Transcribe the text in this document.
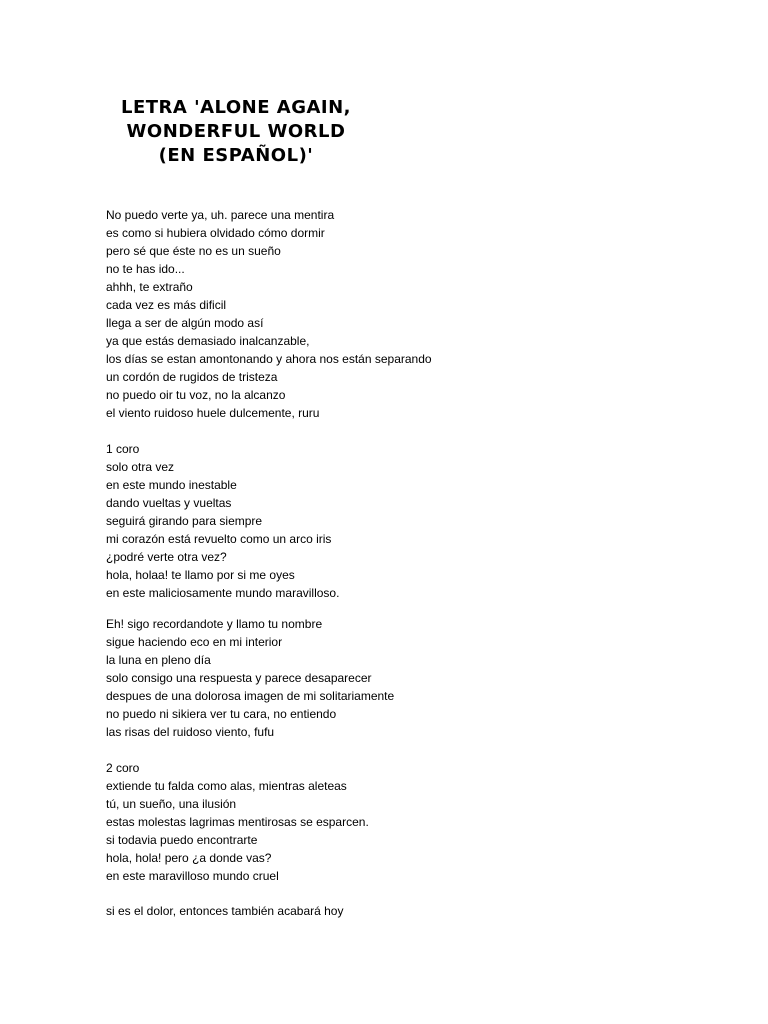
LETRA 'ALONE AGAIN,
WONDERFUL WORLD
(EN ESPAÑOL)'
No puedo verte ya, uh. parece una mentira
es como si hubiera olvidado cómo dormir
pero sé que éste no es un sueño
no te has ido...
ahhh, te extraño
cada vez es más dificil
llega a ser de algún modo así
ya que estás demasiado inalcanzable,
los días se estan amontonando y ahora nos están separando
un cordón de rugidos de tristeza
no puedo oir tu voz, no la alcanzo
el viento ruidoso huele dulcemente, ruru
1 coro
solo otra vez
en este mundo inestable
dando vueltas y vueltas
seguirá girando para siempre
mi corazón está revuelto como un arco iris
¿podré verte otra vez?
hola, holaa! te llamo por si me oyes
en este maliciosamente mundo maravilloso.
Eh! sigo recordandote y llamo tu nombre
sigue haciendo eco en mi interior
la luna en pleno día
solo consigo una respuesta y parece desaparecer
despues de una dolorosa imagen de mi solitariamente
no puedo ni sikiera ver tu cara, no entiendo
las risas del ruidoso viento, fufu
2 coro
extiende tu falda como alas, mientras aleteas
tú, un sueño, una ilusión
estas molestas lagrimas mentirosas se esparcen.
si todavia puedo encontrarte
hola, hola! pero ¿a donde vas?
en este maravilloso mundo cruel
si es el dolor, entonces también acabará hoy
